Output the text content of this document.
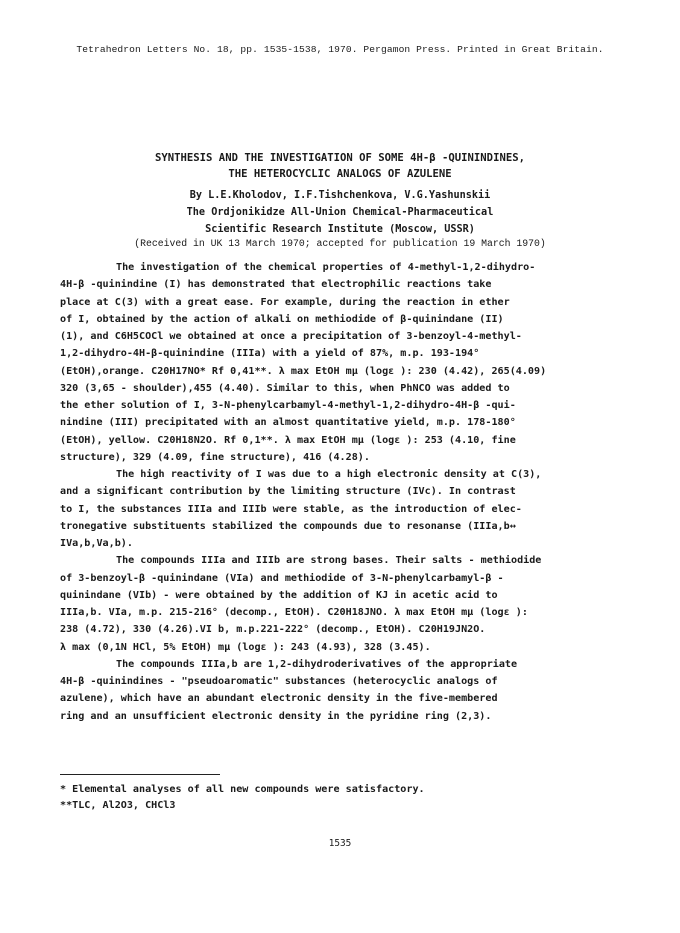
Tetrahedron Letters No. 18, pp. 1535-1538, 1970. Pergamon Press. Printed in Great Britain.
SYNTHESIS AND THE INVESTIGATION OF SOME 4H-β -QUININDINES,
THE HETEROCYCLIC ANALOGS OF AZULENE
By L.E.Kholodov, I.F.Tishchenkova, V.G.Yashunskii
The Ordjonikidze All-Union Chemical-Pharmaceutical
Scientific Research Institute (Moscow, USSR)
(Received in UK 13 March 1970; accepted for publication 19 March 1970)
The investigation of the chemical properties of 4-methyl-1,2-dihydro-
4H-β -quinindine (I) has demonstrated that electrophilic reactions take
place at C(3) with a great ease. For example, during the reaction in ether
of I, obtained by the action of alkali on methiodide of β-quinindane (II)
(1), and C6H5COCl we obtained at once a precipitation of 3-benzoyl-4-methyl-
1,2-dihydro-4H-β-quinindine (IIIa) with a yield of 87%, m.p. 193-194°
(EtOH),orange. C20H17NO* Rf 0,41**. λ max EtOH mμ (logε ): 230 (4.42), 265(4.09)
320 (3,65 - shoulder),455 (4.40). Similar to this, when PhNCO was added to
the ether solution of I, 3-N-phenylcarbamyl-4-methyl-1,2-dihydro-4H-β -qui-
nindine (III) precipitated with an almost quantitative yield, m.p. 178-180°
(EtOH), yellow. C20H18N2O. Rf 0,1**. λ max EtOH mμ (logε ): 253 (4.10, fine
structure), 329 (4.09, fine structure), 416 (4.28).
The high reactivity of I was due to a high electronic density at C(3),
and a significant contribution by the limiting structure (IVc). In contrast
to I, the substances IIIa and IIIb were stable, as the introduction of elec-
tronegative substituents stabilized the compounds due to resonanse (IIIa,b↔
IVa,b,Va,b).
The compounds IIIa and IIIb are strong bases. Their salts - methiodide
of 3-benzoyl-β -quinindane (VIa) and methiodide of 3-N-phenylcarbamyl-β -
quinindane (VIb) - were obtained by the addition of KJ in acetic acid to
IIIa,b. VIa, m.p. 215-216° (decomp., EtOH). C20H18JNO. λ max EtOH mμ (logε ):
238 (4.72), 330 (4.26).VI b, m.p.221-222° (decomp., EtOH). C20H19JN2O.
λ max (0,1N HCl, 5% EtOH) mμ (logε ): 243 (4.93), 328 (3.45).
The compounds IIIa,b are 1,2-dihydroderivatives of the appropriate
4H-β -quinindines - "pseudoaromatic" substances (heterocyclic analogs of
azulene), which have an abundant electronic density in the five-membered
ring and an unsufficient electronic density in the pyridine ring (2,3).
* Elemental analyses of all new compounds were satisfactory.
**TLC, Al2O3, CHCl3
1535
